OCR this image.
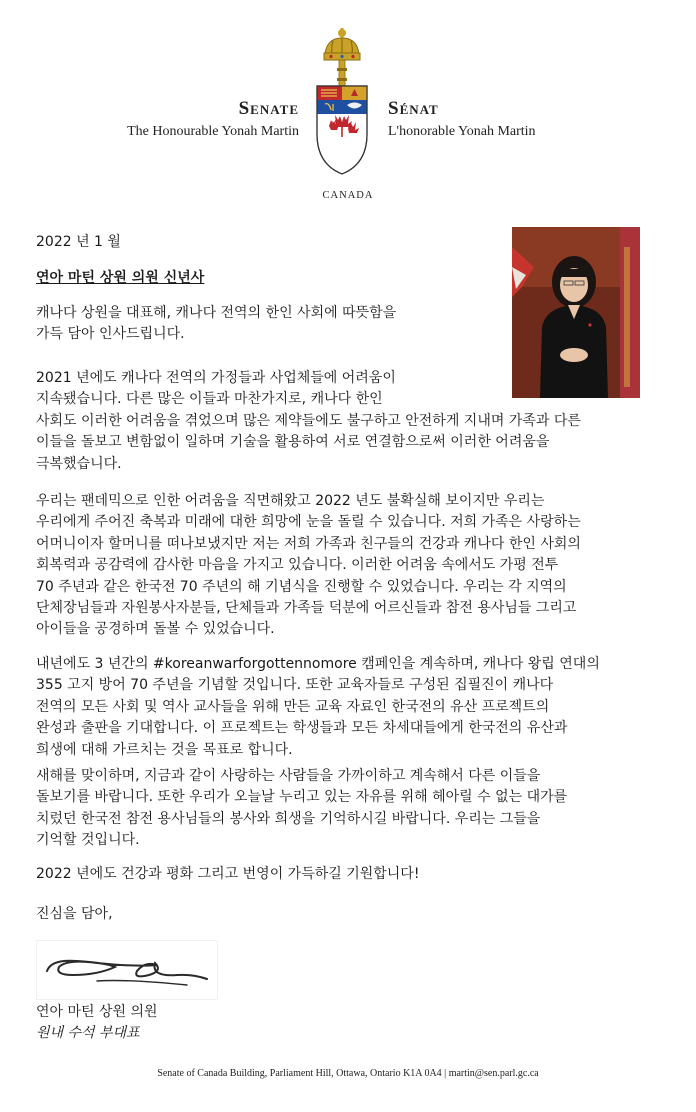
Senate
The Honourable Yonah Martin
Sénat
L'honorable Yonah Martin
CANADA
2022 년 1 월
연아 마틴 상원 의원 신년사
캐나다 상원을 대표해, 캐나다 전역의 한인 사회에 따뜻함을
가득 담아 인사드립니다.
2021 년에도 캐나다 전역의 가정들과 사업체들에 어려움이
지속됐습니다. 다른 많은 이들과 마찬가지로, 캐나다 한인
사회도 이러한 어려움을 겪었으며 많은 제약들에도 불구하고 안전하게 지내며 가족과 다른
이들을 돌보고 변함없이 일하며 기술을 활용하여 서로 연결함으로써 이러한 어려움을
극복했습니다.
우리는 팬데믹으로 인한 어려움을 직면해왔고 2022 년도 불확실해 보이지만 우리는
우리에게 주어진 축복과 미래에 대한 희망에 눈을 돌릴 수 있습니다. 저희 가족은 사랑하는
어머니이자 할머니를 떠나보냈지만 저는 저희 가족과 친구들의 건강과 캐나다 한인 사회의
회복력과 공감력에 감사한 마음을 가지고 있습니다. 이러한 어려움 속에서도 가평 전투
70 주년과 같은 한국전 70 주년의 해 기념식을 진행할 수 있었습니다. 우리는 각 지역의
단체장님들과 자원봉사자분들, 단체들과 가족들 덕분에 어르신들과 참전 용사님들 그리고
아이들을 공경하며 돌볼 수 있었습니다.
내년에도 3 년간의 #koreanwarforgottennomore 캠페인을 계속하며, 캐나다 왕립 연대의
355 고지 방어 70 주년을 기념할 것입니다. 또한 교육자들로 구성된 집필진이 캐나다
전역의 모든 사회 및 역사 교사들을 위해 만든 교육 자료인 한국전의 유산 프로젝트의
완성과 출판을 기대합니다. 이 프로젝트는 학생들과 모든 차세대들에게 한국전의 유산과
희생에 대해 가르치는 것을 목표로 합니다.
새해를 맞이하며, 지금과 같이 사랑하는 사람들을 가까이하고 계속해서 다른 이들을
돌보기를 바랍니다. 또한 우리가 오늘날 누리고 있는 자유를 위해 헤아릴 수 없는 대가를
치렀던 한국전 참전 용사님들의 봉사와 희생을 기억하시길 바랍니다. 우리는 그들을
기억할 것입니다.
2022 년에도 건강과 평화 그리고 번영이 가득하길 기원합니다!
진심을 담아,
연아 마틴 상원 의원
원내 수석 부대표
Senate of Canada Building, Parliament Hill, Ottawa, Ontario K1A 0A4 | martin@sen.parl.gc.ca
